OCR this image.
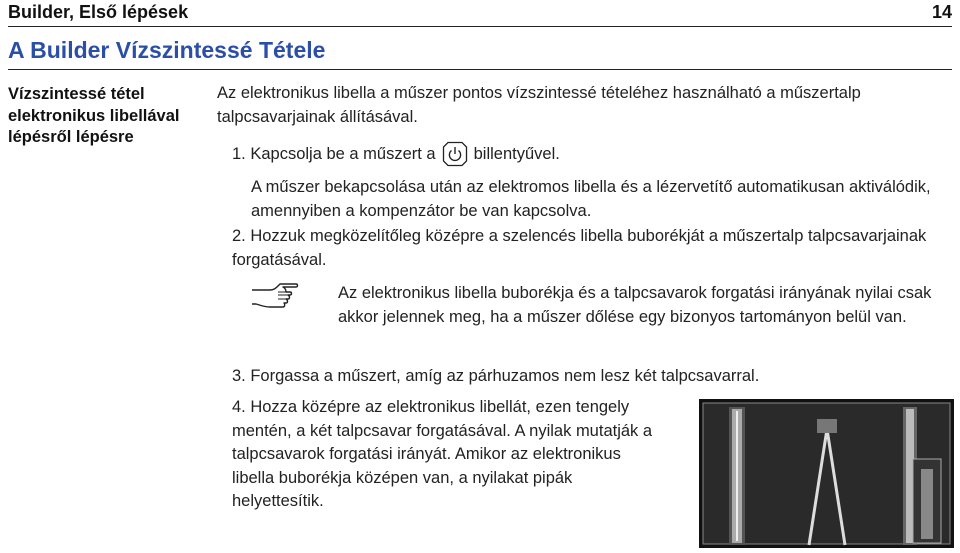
Builder, Első lépések	14
A Builder Vízszintessé Tétele
Vízszintessé tétel elektronikus libellával lépésről lépésre
Az elektronikus libella a műszer pontos vízszintessé tételéhez használható a műszertalp talpcsavarjainak állításával.
1. Kapcsolja be a műszert a billentyűvel.
A műszer bekapcsolása után az elektromos libella és a lézervetítő automatikusan aktiválódik, amennyiben a kompenzátor be van kapcsolva.
2. Hozzuk megközelítőleg középre a szelencés libella buborékját a műszertalp talpcsavarjainak forgatásával.
Az elektronikus libella buborékja és a talpcsavarok forgatási irányának nyilai csak akkor jelennek meg, ha a műszer dőlése egy bizonyos tartományon belül van.
3. Forgassa a műszert, amíg az párhuzamos nem lesz két talpcsavarral.
4. Hozza középre az elektronikus libellát, ezen tengely mentén, a két talpcsavar forgatásával. A nyilak mutatják a talpcsavarok forgatási irányát. Amikor az elektronikus libella buborékja középen van, a nyilakat pipák helyettesítik.
